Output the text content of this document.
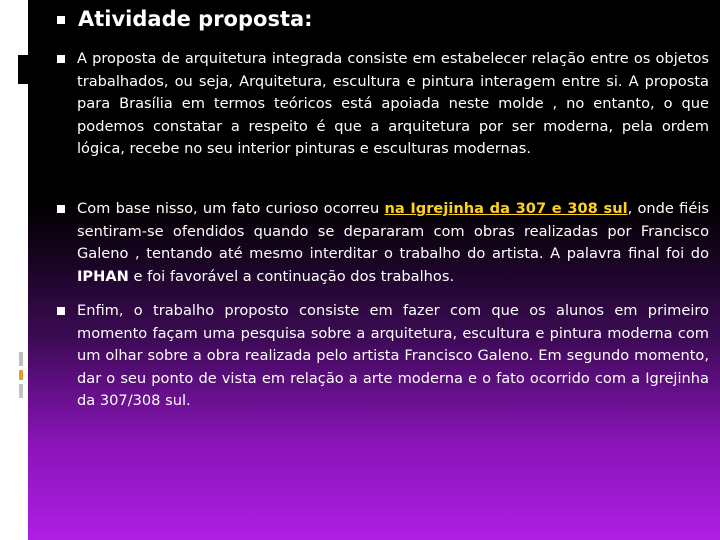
Atividade proposta:

A proposta de arquitetura integrada consiste em estabelecer relação entre os objetos trabalhados, ou seja, Arquitetura, escultura e pintura interagem entre si. A proposta para Brasília em termos teóricos está apoiada neste molde , no entanto, o que podemos constatar a respeito é que a arquitetura por ser moderna, pela ordem lógica, recebe no seu interior pinturas e esculturas modernas.

Com base nisso, um fato curioso ocorreu na Igrejinha da 307 e 308 sul, onde fiéis sentiram-se ofendidos quando se depararam com obras realizadas por Francisco Galeno , tentando até mesmo interditar o trabalho do artista. A palavra final foi do IPHAN e foi favorável a continuação dos trabalhos.

Enfim, o trabalho proposto consiste em fazer com que os alunos em primeiro momento façam uma pesquisa sobre a arquitetura, escultura e pintura moderna com um olhar sobre a obra realizada pelo artista Francisco Galeno. Em segundo momento, dar o seu ponto de vista em relação a arte moderna e o fato ocorrido com a Igrejinha da 307/308 sul.
